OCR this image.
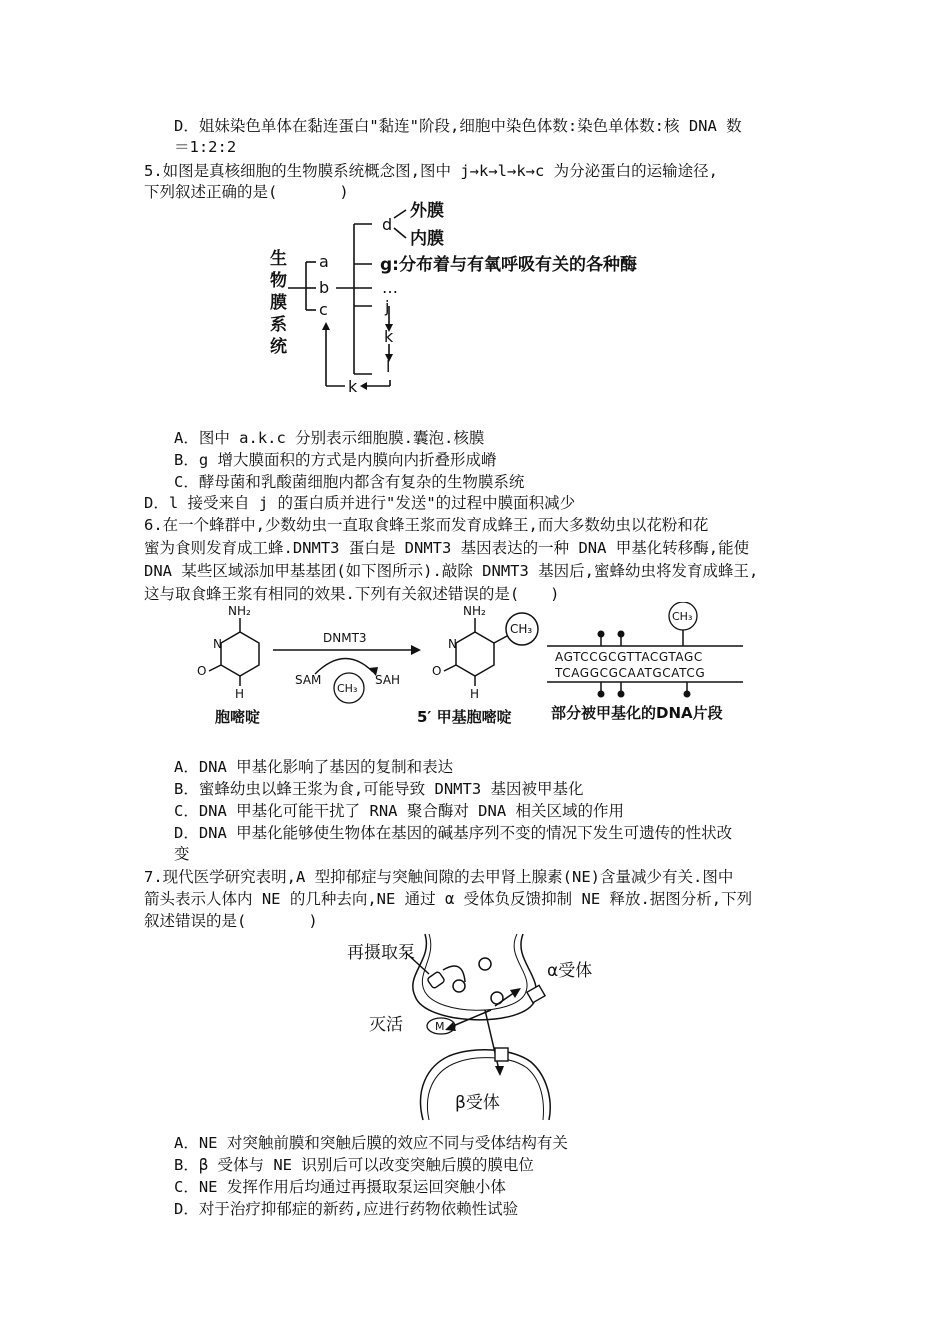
D．姐妹染色单体在黏连蛋白"黏连"阶段,细胞中染色体数:染色单体数:核 DNA 数
＝1:2:2
5.如图是真核细胞的生物膜系统概念图,图中 j→k→l→k→c 为分泌蛋白的运输途径,
下列叙述正确的是(　　　　)
生
物
膜
系
统
a
b
c
d
…
j
k
l
k
外膜
内膜
g:分布着与有氧呼吸有关的各种酶
A．图中 a.k.c 分别表示细胞膜.囊泡.核膜
B．g 增大膜面积的方式是内膜向内折叠形成嵴
C．酵母菌和乳酸菌细胞内都含有复杂的生物膜系统
D．l 接受来自 j 的蛋白质并进行"发送"的过程中膜面积减少
6.在一个蜂群中,少数幼虫一直取食蜂王浆而发育成蜂王,而大多数幼虫以花粉和花
蜜为食则发育成工蜂.DNMT3 蛋白是 DNMT3 基因表达的一种 DNA 甲基化转移酶,能使
DNA 某些区域添加甲基基团(如下图所示).敲除 DNMT3 基因后,蜜蜂幼虫将发育成蜂王,
这与取食蜂王浆有相同的效果.下列有关叙述错误的是(　　)
NH₂
N
O
H
胞嘧啶
DNMT3
SAM	SAH
CH₃
NH₂
N
O
H
CH₃
5′ 甲基胞嘧啶
CH₃
AGTCCGCGTTACGTAGC
TCAGGCGCAATGCATCG
部分被甲基化的DNA片段
A．DNA 甲基化影响了基因的复制和表达
B．蜜蜂幼虫以蜂王浆为食,可能导致 DNMT3 基因被甲基化
C．DNA 甲基化可能干扰了 RNA 聚合酶对 DNA 相关区域的作用
D．DNA 甲基化能够使生物体在基因的碱基序列不变的情况下发生可遗传的性状改
变
7.现代医学研究表明,A 型抑郁症与突触间隙的去甲肾上腺素(NE)含量减少有关.图中
箭头表示人体内 NE 的几种去向,NE 通过 α 受体负反馈抑制 NE 释放.据图分析,下列
叙述错误的是(　　　　)
再摄取泵
α受体
灭活
β受体
M
A．NE 对突触前膜和突触后膜的效应不同与受体结构有关
B．β 受体与 NE 识别后可以改变突触后膜的膜电位
C．NE 发挥作用后均通过再摄取泵运回突触小体
D．对于治疗抑郁症的新药,应进行药物依赖性试验
